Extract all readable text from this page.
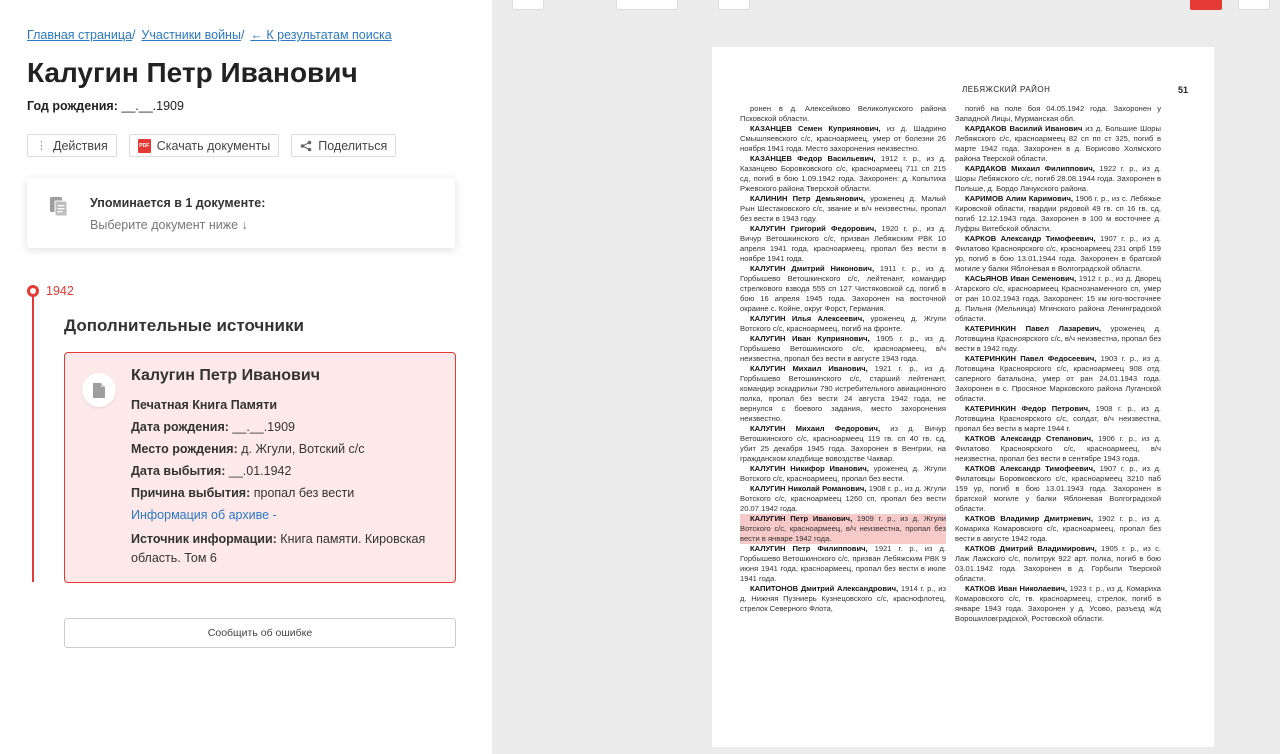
Главная страница/ Участники войны/ ← К результатам поиска
Калугин Петр Иванович
Год рождения: __.__.1909
⋮ Действия	PDF Скачать документы	Поделиться
Упоминается в 1 документе:
Выберите документ ниже ↓
1942
Дополнительные источники
Калугин Петр Иванович
Печатная Книга Памяти
Дата рождения: __.__.1909
Место рождения: д. Жгули, Вотский с/с
Дата выбытия: __.01.1942
Причина выбытия: пропал без вести
Информация об архиве -
Источник информации: Книга памяти. Кировская область. Том 6
Сообщить об ошибке
ЛЕБЯЖСКИЙ РАЙОН	51

ронен в д. Алексейково Великолукского района Псковской области.

КАЗАНЦЕВ Семен Куприянович, из д. Шадрино Смышляевского с/с, красноармеец, умер от болезни 26 ноября 1941 года. Место захоронения неизвестно.

КАЗАНЦЕВ Федор Васильевич, 1912 г. р., из д. Казанцево Боровковского с/с, красноармеец 711 сп 215 сд, погиб в бою 1.09.1942 года. Захоронен: д. Копытиха Ржевского района Тверской области.

КАЛИНИН Петр Демьянович, уроженец д. Малый Рын Шестаковского с/с, звание и в/ч неизвестны, пропал без вести в 1943 году.

КАЛУГИН Григорий Федорович, 1920 г. р., из д. Вичур Ветошкинского с/с, призван Лебяжским РВК 10 апреля 1941 года, красноармеец, пропал без вести в ноябре 1941 года.

КАЛУГИН Дмитрий Никонович, 1911 г. р., из д. Горбышево Ветошкинского с/с, лейтенант, командир стрелкового взвода 555 сп 127 Чистяковской сд, погиб в бою 16 апреля 1945 года. Захоронен на восточной окраине с. Койне, округ Форст, Германия.

КАЛУГИН Илья Алексеевич, уроженец д. Жгули Вотского с/с, красноармеец, погиб на фронте.

КАЛУГИН Иван Куприянович, 1905 г. р., из д. Горбышево Ветошкинского с/с, красноармеец, в/ч неизвестна, пропал без вести в августе 1943 года.

КАЛУГИН Михаил Иванович, 1921 г. р., из д. Горбышево Ветошкинского с/с, старший лейтенант, командир эскадрильи 790 истребительного авиационного полка, пропал без вести 24 августа 1942 года, не вернулся с боевого задания, место захоронения неизвестно.

КАЛУГИН Михаил Федорович, из д. Вичур Ветошкинского с/с, красноармеец 119 гв. сп 40 гв. сд, убит 25 декабря 1945 года. Захоронен в Венгрии, на гражданском кладбище вовоздстве Чаквар.

КАЛУГИН Никифор Иванович, уроженец д. Жгули Вотского с/с, красноармеец, пропал без вести.

КАЛУГИН Николай Романович, 1908 г. р., из д. Жгули Вотского с/с, красноармеец 1260 сп, пропал без вести 20.07.1942 года.

КАЛУГИН Петр Иванович, 1909 г. р., из д. Жгули Вотского с/с, красноармеец, в/ч неизвестна, пропал без вести в январе 1942 года.

КАЛУГИН Петр Филиппович, 1921 г. р., из д. Горбышево Ветошкинского с/с, призван Лебяжским РВК 9 июня 1941 года, красноармеец, пропал без вести в июле 1941 года.

КАПИТОНОВ Дмитрий Александрович, 1914 г. р., из д. Нижняя Пузниерь Кузнецовского с/с, краснофлотец, стрелок Северного Флота,

погиб на поле боя 04.05.1942 года. Захоронен у Западной Лицы, Мурманская обл.

КАРДАКОВ Василий Иванович из д. Большие Шоры Лебяжского с/с, красноармеец 82 сп пп ст 325, погиб в марте 1942 года. Захоронен в д. Борисово Холмского района Тверской области.

КАРДАКОВ Михаил Филиппович, 1922 г. р., из д. Шоры Лебяжского с/с, погиб 28.08.1944 года. Захоронен в Польше, д. Бордо Лачукского района.

КАРИМОВ Алим Каримович, 1906 г. р., из с. Лебяжье Кировской области, гвардии рядовой 49 гв. сп 16 гв. сд, погиб 12.12.1943 года. Захоронен в 100 м восточнее д. Луфры Витебской области.

КАРКОВ Александр Тимофеевич, 1907 г. р., из д. Филатово Красноярского с/с, красноармеец 231 опрб 159 ур, погиб в бою 13.01.1944 года. Захоронен в братской могиле у балки Яблоневая в Волгоградской области.

КАСЬЯНОВ Иван Семенович, 1912 г. р., из д. Дворец Атарского с/с, красноармеец Краснознаменного сп, умер от ран 10.02.1943 года. Захоронен: 15 км юго-восточнее д. Пильня (Мельница) Мгинского района Ленинградской области.

КАТЕРИНКИН Павел Лазаревич, уроженец д. Лотовщина Красноярского с/с, в/ч неизвестна, пропал без вести в 1942 году.

КАТЕРИНКИН Павел Федосеевич, 1903 г. р., из д. Лотовщина Красноярского с/с, красноармеец 908 отд. саперного батальона, умер от ран 24.01.1943 года. Захоронен в с. Просяное Марковского района Луганской области.

КАТЕРИНКИН Федор Петрович, 1908 г. р., из д. Лотовщина Красноярского с/с, солдат, в/ч неизвестна, пропал без вести в марте 1944 г.

КАТКОВ Александр Степанович, 1906 г. р., из д. Филатово Красноярского с/с, красноармеец, в/ч неизвестна, пропал без вести в сентябре 1943 года.

КАТКОВ Александр Тимофеевич, 1907 г. р., из д. Филатовцы Боровковского с/с, красноармеец 3210 паб 159 ур, погиб в бою 13.01.1943 года. Захоронен в братской могиле у балки Яблоневая Волгоградской области.

КАТКОВ Владимир Дмитриевич, 1902 г. р., из д. Комариха Комаровского с/с, красноармеец, пропал без вести в августе 1942 года.

КАТКОВ Дмитрий Владимирович, 1905 г. р., из с. Лаж Лажского с/с, политрук 922 арт. полка, погиб в бою 03.01.1942 года. Захоронен в д. Горбыли Тверской области.

КАТКОВ Иван Николаевич, 1923 г. р., из д. Комариха Комаровского с/с, гв. красноармеец, стрелок, погиб в январе 1943 года. Захоронен у д. Усово, разъезд ж/д Ворошиловградской, Ростовской области.
